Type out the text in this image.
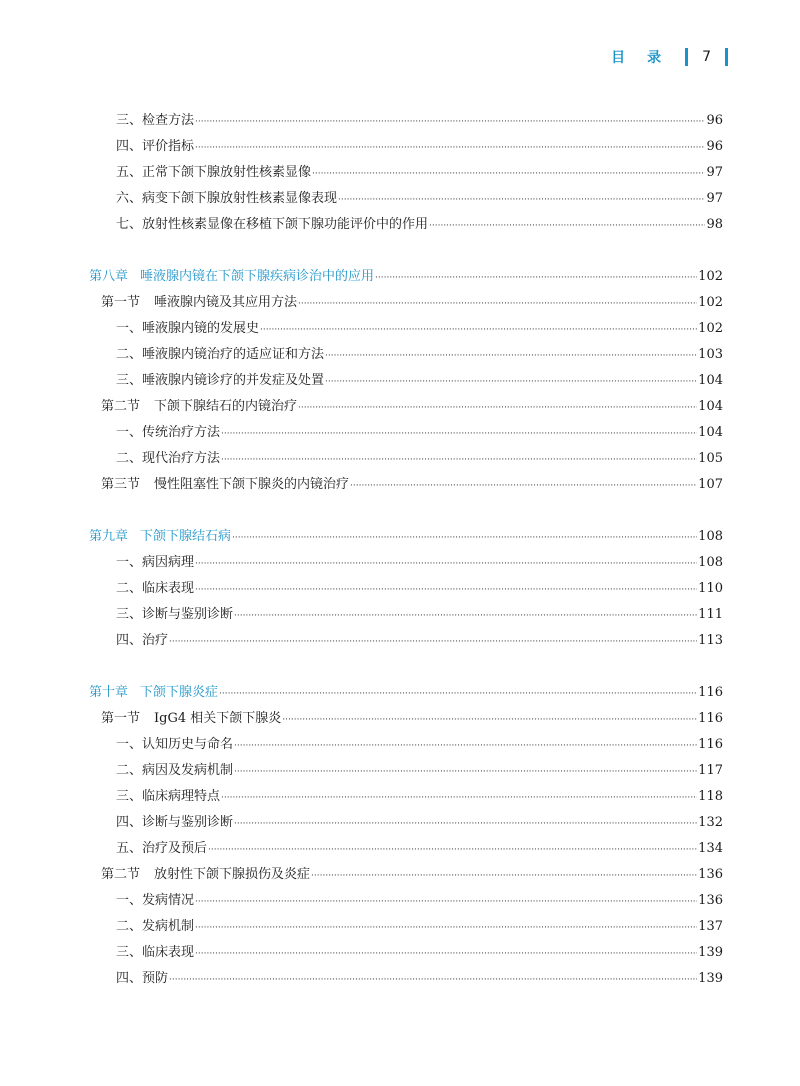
目录 7
三、检查方法 ·····	96
四、评价指标 ·····	96
五、正常下颌下腺放射性核素显像 ·····	97
六、病变下颌下腺放射性核素显像表现 ·····	97
七、放射性核素显像在移植下颌下腺功能评价中的作用 ·····	98
第八章 唾液腺内镜在下颌下腺疾病诊治中的应用 ·····	102
第一节 唾液腺内镜及其应用方法 ·····	102
一、唾液腺内镜的发展史 ·····	102
二、唾液腺内镜治疗的适应证和方法 ·····	103
三、唾液腺内镜诊疗的并发症及处置 ·····	104
第二节 下颌下腺结石的内镜治疗 ·····	104
一、传统治疗方法 ·····	104
二、现代治疗方法 ·····	105
第三节 慢性阻塞性下颌下腺炎的内镜治疗 ·····	107
第九章 下颌下腺结石病 ·····	108
一、病因病理 ·····	108
二、临床表现 ·····	110
三、诊断与鉴别诊断 ·····	111
四、治疗 ·····	113
第十章 下颌下腺炎症 ·····	116
第一节 IgG4 相关下颌下腺炎 ·····	116
一、认知历史与命名 ·····	116
二、病因及发病机制 ·····	117
三、临床病理特点 ·····	118
四、诊断与鉴别诊断 ·····	132
五、治疗及预后 ·····	134
第二节 放射性下颌下腺损伤及炎症 ·····	136
一、发病情况 ·····	136
二、发病机制 ·····	137
三、临床表现 ·····	139
四、预防 ·····	139
